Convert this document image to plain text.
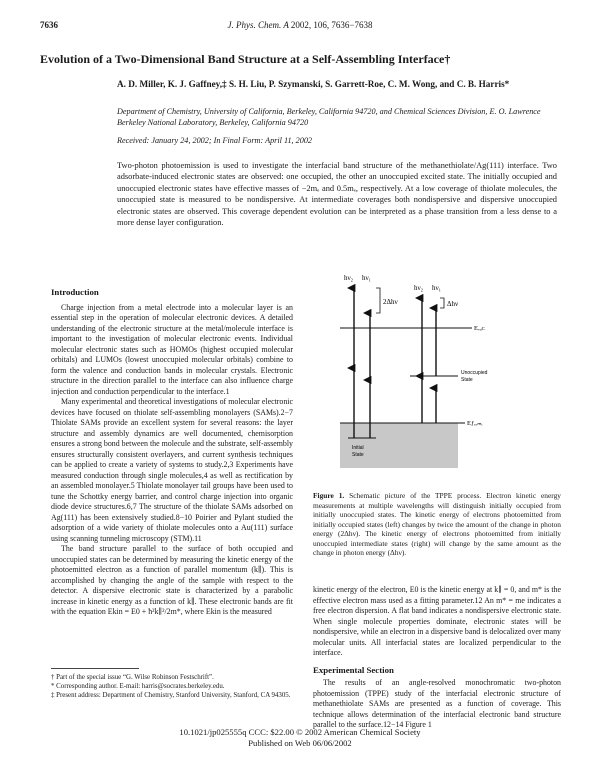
7636	J. Phys. Chem. A 2002, 106, 7636−7638
Evolution of a Two-Dimensional Band Structure at a Self-Assembling Interface†
A. D. Miller, K. J. Gaffney,‡ S. H. Liu, P. Szymanski, S. Garrett-Roe, C. M. Wong, and C. B. Harris*
Department of Chemistry, University of California, Berkeley, California 94720, and Chemical Sciences Division, E. O. Lawrence Berkeley National Laboratory, Berkeley, California 94720
Received: January 24, 2002; In Final Form: April 11, 2002
Two-photon photoemission is used to investigate the interfacial band structure of the methanethiolate/Ag(111) interface. Two adsorbate-induced electronic states are observed: one occupied, the other an unoccupied excited state. The initially occupied and unoccupied electronic states have effective masses of −2mₑ and 0.5mₑ, respectively. At a low coverage of thiolate molecules, the unoccupied state is measured to be nondispersive. At intermediate coverages both nondispersive and dispersive unoccupied electronic states are observed. This coverage dependent evolution can be interpreted as a phase transition from a less dense to a more dense layer configuration.
Introduction

Charge injection from a metal electrode into a molecular layer is an essential step in the operation of molecular electronic devices. A detailed understanding of the electronic structure at the metal/molecule interface is important to the investigation of molecular electronic events. Individual molecular electronic states such as HOMOs (highest occupied molecular orbitals) and LUMOs (lowest unoccupied molecular orbitals) combine to form the valence and conduction bands in molecular crystals. Electronic structure in the direction parallel to the interface can also influence charge injection and conduction perpendicular to the interface.1

Many experimental and theoretical investigations of molecular electronic devices have focused on thiolate self-assembling monolayers (SAMs).2−7 Thiolate SAMs provide an excellent system for several reasons: the layer structure and assembly dynamics are well documented, chemisorption ensures a strong bond between the molecule and the substrate, self-assembly ensures structurally consistent overlayers, and current synthesis techniques can be applied to create a variety of systems to study.2,3 Experiments have measured conduction through single molecules,4 as well as rectification by an assembled monolayer.5 Thiolate monolayer tail groups have been used to tune the Schottky energy barrier, and control charge injection into organic diode device structures.6,7 The structure of the thiolate SAMs adsorbed on Ag(111) has been extensively studied.8−10 Poirier and Pylant studied the adsorption of a wide variety of thiolate molecules onto a Au(111) surface using scanning tunneling microscopy (STM).11

The band structure parallel to the surface of both occupied and unoccupied states can be determined by measuring the kinetic energy of the photoemitted electron as a function of parallel momentum (k∥). This is accomplished by changing the angle of the sample with respect to the detector. A dispersive electronic state is characterized by a parabolic increase in kinetic energy as a function of k∥. These electronic bands are fit with the equation Ekin = E0 + ħ²k∥²/2m*, where Ekin is the measured

hν₂ hν₁
hν₂ hν₁
2Δhν	Δhν
Eᵥₐᴄ
Unoccupied
State
Eƒₑᵣₘᵢ
Initial
State
Figure 1. Schematic picture of the TPPE process. Electron kinetic energy measurements at multiple wavelengths will distinguish initially occupied from initially unoccupied states. The kinetic energy of electrons photoemitted from initially occupied states (left) changes by twice the amount of the change in photon energy (2Δhν). The kinetic energy of electrons photoemitted from initially unoccupied intermediate states (right) will change by the same amount as the change in photon energy (Δhν).

kinetic energy of the electron, E0 is the kinetic energy at k∥ = 0, and m* is the effective electron mass used as a fitting parameter.12 An m* = me indicates a free electron dispersion. A flat band indicates a nondispersive electronic state. When single molecule properties dominate, electronic states will be nondispersive, while an electron in a dispersive band is delocalized over many molecular units. All interfacial states are localized perpendicular to the interface.

Experimental Section

The results of an angle-resolved monochromatic two-photon photoemission (TPPE) study of the interfacial electronic structure of methanethiolate SAMs are presented as a function of coverage. This technique allows determination of the interfacial electronic band structure parallel to the surface.12−14 Figure 1

† Part of the special issue “G. Wilse Robinson Festschrift”.
* Corresponding author. E-mail: harris@socrates.berkeley.edu.
‡ Present address: Department of Chemistry, Stanford University, Stanford, CA 94305.
10.1021/jp025555q CCC: $22.00 © 2002 American Chemical Society
Published on Web 06/06/2002
